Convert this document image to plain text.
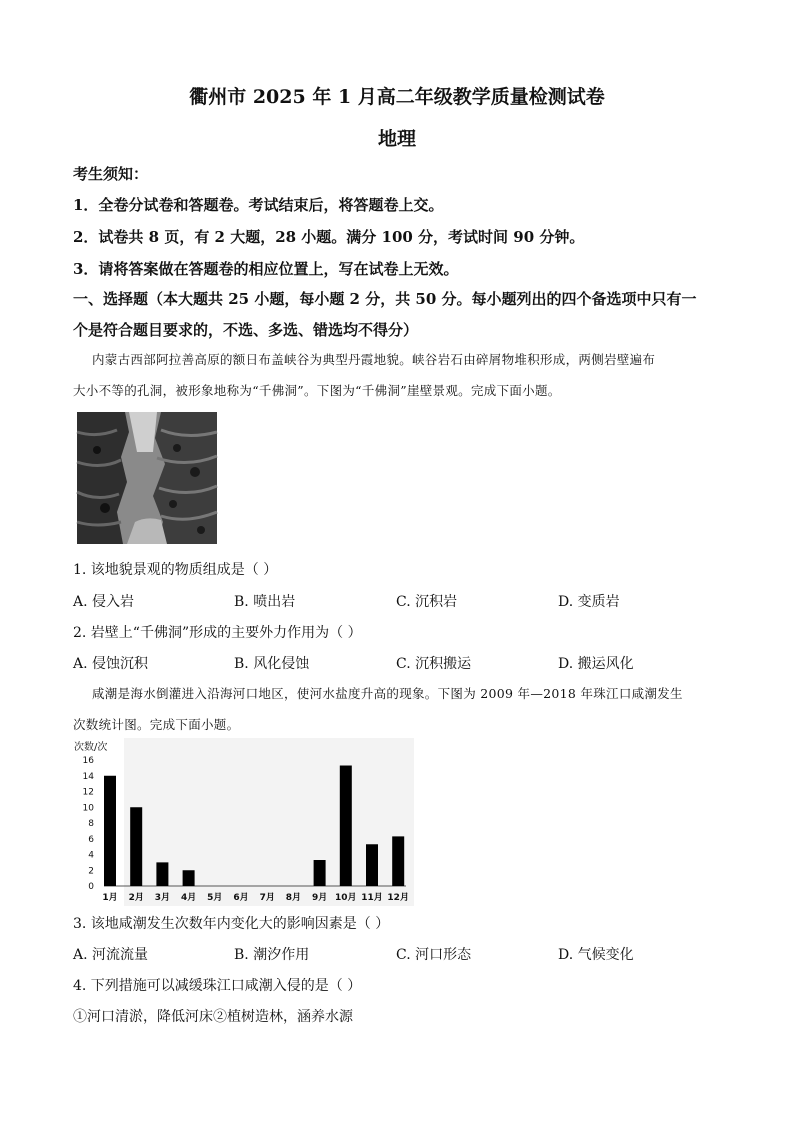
衢州市 2025 年 1 月高二年级教学质量检测试卷
地理
考生须知：
1．全卷分试卷和答题卷。考试结束后，将答题卷上交。
2．试卷共 8 页，有 2 大题，28 小题。满分 100 分，考试时间 90 分钟。
3．请将答案做在答题卷的相应位置上，写在试卷上无效。
一、选择题（本大题共 25 小题，每小题 2 分，共 50 分。每小题列出的四个备选项中只有一
个是符合题目要求的，不选、多选、错选均不得分）
内蒙古西部阿拉善高原的额日布盖峡谷为典型丹霞地貌。峡谷岩石由碎屑物堆积形成，两侧岩壁遍布
大小不等的孔洞，被形象地称为“千佛洞”。下图为“千佛洞”崖壁景观。完成下面小题。
1. 该地貌景观的物质组成是（ ）
A. 侵入岩	B. 喷出岩	C. 沉积岩	D. 变质岩
2. 岩壁上“千佛洞”形成的主要外力作用为（ ）
A. 侵蚀沉积	B. 风化侵蚀	C. 沉积搬运	D. 搬运风化
咸潮是海水倒灌进入沿海河口地区，使河水盐度升高的现象。下图为 2009 年—2018 年珠江口咸潮发生
次数统计图。完成下面小题。
次数/次
0
2
4
6
8
10
12
14
16
1月 2月 3月 4月 5月 6月 7月 8月 9月 10月 11月 12月
3. 该地咸潮发生次数年内变化大的影响因素是（ ）
A. 河流流量	B. 潮汐作用	C. 河口形态	D. 气候变化
4. 下列措施可以减缓珠江口咸潮入侵的是（ ）
①河口清淤，降低河床②植树造林，涵养水源
